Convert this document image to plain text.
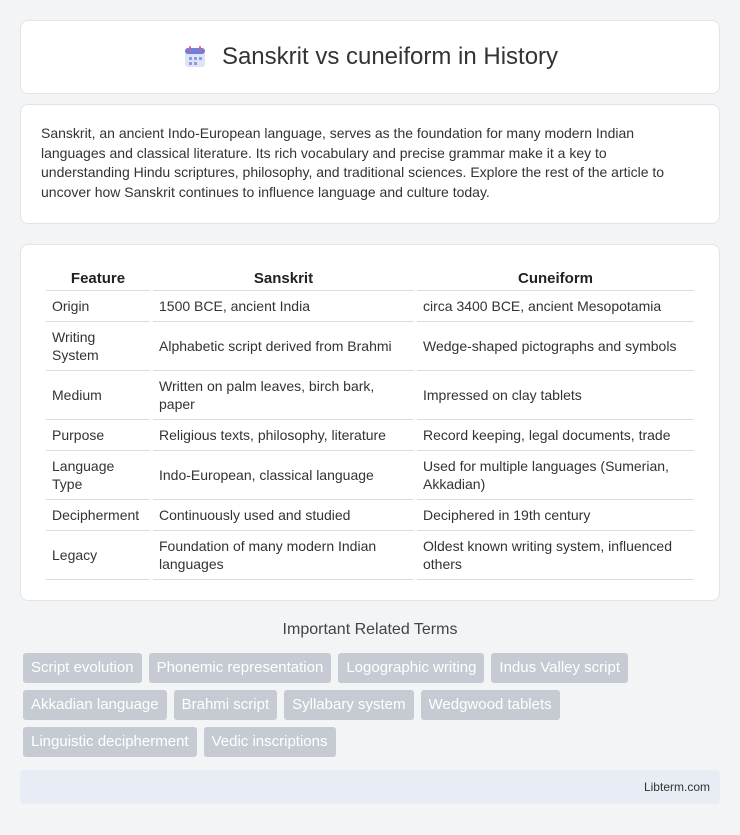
Sanskrit vs cuneiform in History

Sanskrit, an ancient Indo-European language, serves as the foundation for many modern Indian languages and classical literature. Its rich vocabulary and precise grammar make it a key to understanding Hindu scriptures, philosophy, and traditional sciences. Explore the rest of the article to uncover how Sanskrit continues to influence language and culture today.

Feature	Sanskrit	Cuneiform
Origin	1500 BCE, ancient India	circa 3400 BCE, ancient Mesopotamia
Writing System	Alphabetic script derived from Brahmi	Wedge-shaped pictographs and symbols
Medium	Written on palm leaves, birch bark, paper	Impressed on clay tablets
Purpose	Religious texts, philosophy, literature	Record keeping, legal documents, trade
Language Type	Indo-European, classical language	Used for multiple languages (Sumerian, Akkadian)
Decipherment	Continuously used and studied	Deciphered in 19th century
Legacy	Foundation of many modern Indian languages	Oldest known writing system, influenced others
Important Related Terms
Script evolution	Phonemic representation	Logographic writing	Indus Valley script
Akkadian language	Brahmi script	Syllabary system	Wedgwood tablets
Linguistic decipherment	Vedic inscriptions
Libterm.com
